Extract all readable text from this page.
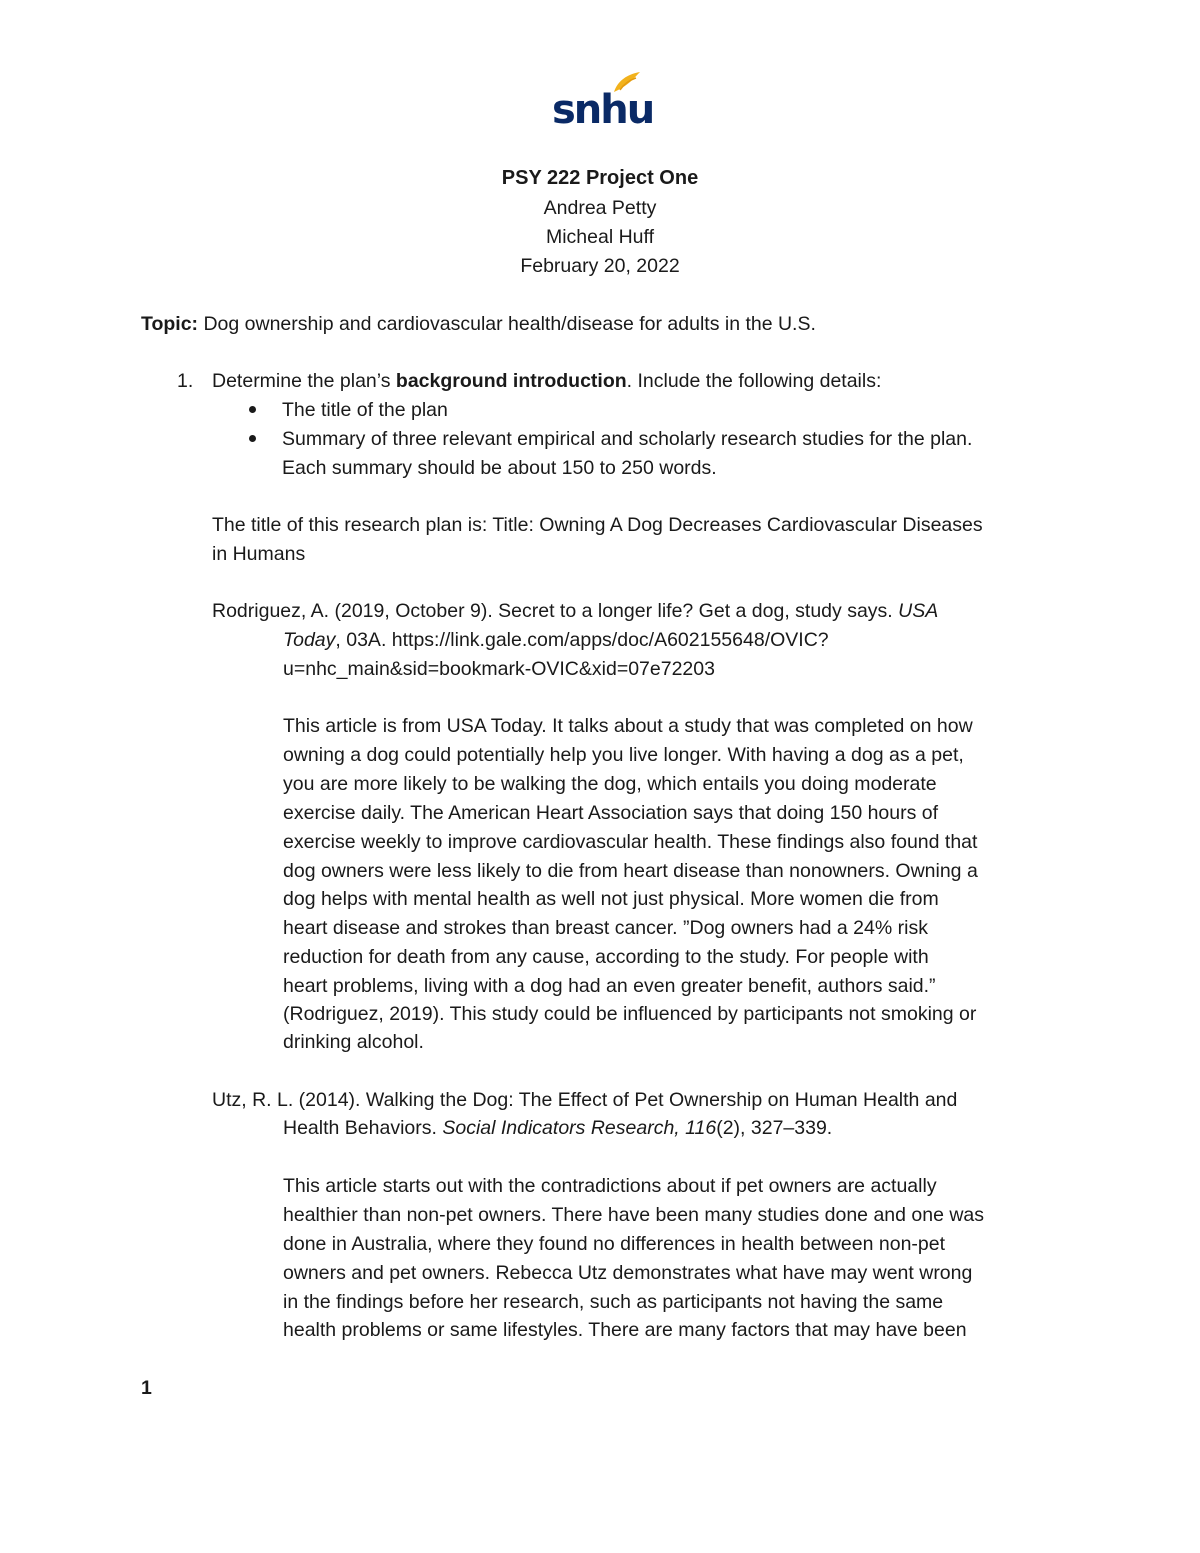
snhu
PSY 222 Project One
Andrea Petty
Micheal Huff
February 20, 2022
Topic: Dog ownership and cardiovascular health/disease for adults in the U.S.
1. Determine the plan’s background introduction. Include the following details:
The title of the plan
Summary of three relevant empirical and scholarly research studies for the plan.
Each summary should be about 150 to 250 words.
The title of this research plan is: Title: Owning A Dog Decreases Cardiovascular Diseases
in Humans
Rodriguez, A. (2019, October 9). Secret to a longer life? Get a dog, study says. USA
Today, 03A. https://link.gale.com/apps/doc/A602155648/OVIC?
u=nhc_main&sid=bookmark-OVIC&xid=07e72203
This article is from USA Today. It talks about a study that was completed on how
owning a dog could potentially help you live longer. With having a dog as a pet,
you are more likely to be walking the dog, which entails you doing moderate
exercise daily. The American Heart Association says that doing 150 hours of
exercise weekly to improve cardiovascular health. These findings also found that
dog owners were less likely to die from heart disease than nonowners. Owning a
dog helps with mental health as well not just physical. More women die from
heart disease and strokes than breast cancer. ”Dog owners had a 24% risk
reduction for death from any cause, according to the study. For people with
heart problems, living with a dog had an even greater benefit, authors said.”
(Rodriguez, 2019). This study could be influenced by participants not smoking or
drinking alcohol.
Utz, R. L. (2014). Walking the Dog: The Effect of Pet Ownership on Human Health and
Health Behaviors. Social Indicators Research, 116(2), 327–339.
This article starts out with the contradictions about if pet owners are actually
healthier than non-pet owners. There have been many studies done and one was
done in Australia, where they found no differences in health between non-pet
owners and pet owners. Rebecca Utz demonstrates what have may went wrong
in the findings before her research, such as participants not having the same
health problems or same lifestyles. There are many factors that may have been
1
